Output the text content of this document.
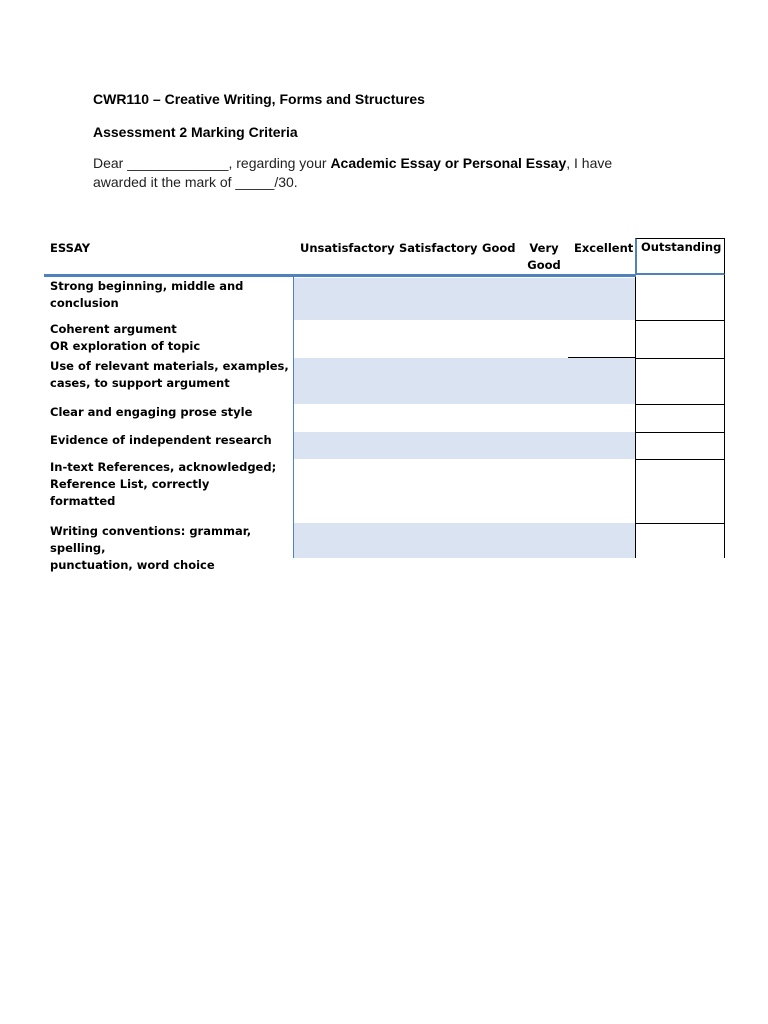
CWR110 – Creative Writing, Forms and Structures
Assessment 2 Marking Criteria
Dear _____________, regarding your Academic Essay or Personal Essay, I have
awarded it the mark of _____/30.
ESSAY	Unsatisfactory Satisfactory Good	Very
Good
Excellent Outstanding
Strong beginning, middle and
conclusion
Coherent argument
OR exploration of topic
Use of relevant materials, examples,
cases, to support argument
Clear and engaging prose style
Evidence of independent research
In-text References, acknowledged;
Reference List, correctly
formatted
Writing conventions: grammar, spelling,
punctuation, word choice
